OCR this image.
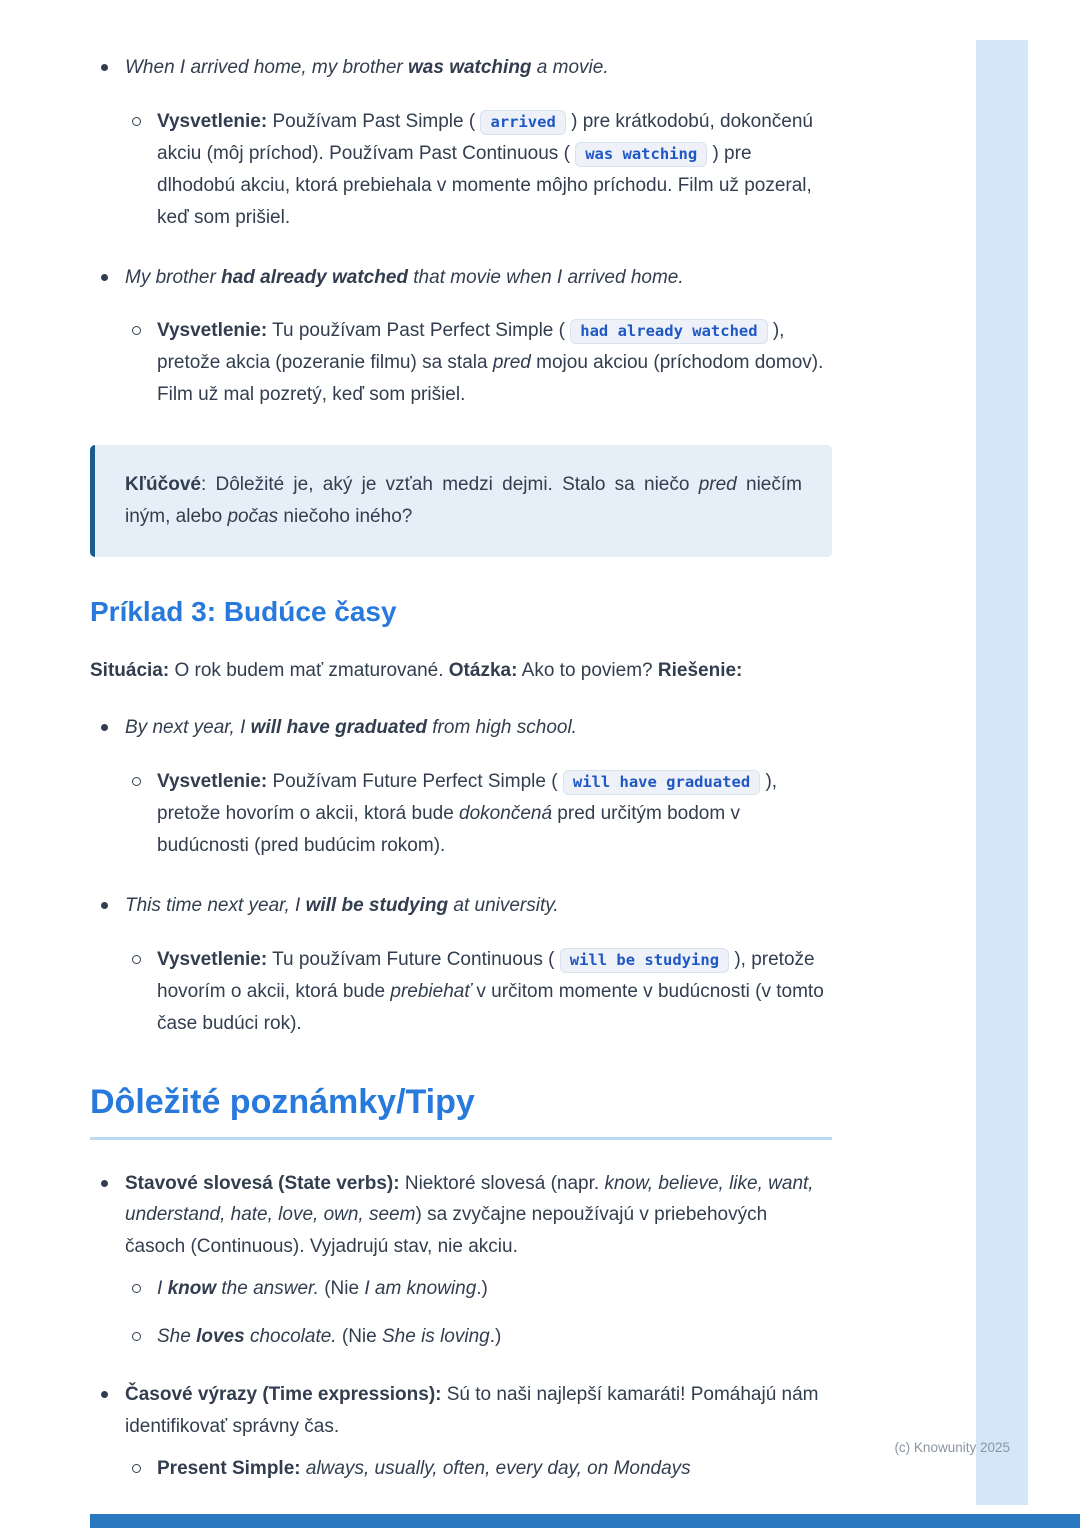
When I arrived home, my brother was watching a movie.
Vysvetlenie: Používam Past Simple ( arrived ) pre krátkodobú, dokončenú akciu (môj príchod). Používam Past Continuous ( was watching ) pre dlhodobú akciu, ktorá prebiehala v momente môjho príchodu. Film už pozeral, keď som prišiel.
My brother had already watched that movie when I arrived home.
Vysvetlenie: Tu používam Past Perfect Simple ( had already watched ), pretože akcia (pozeranie filmu) sa stala pred mojou akciou (príchodom domov). Film už mal pozretý, keď som prišiel.
Kľúčové: Dôležité je, aký je vzťah medzi dejmi. Stalo sa niečo pred niečím iným, alebo počas niečoho iného?
Príklad 3: Budúce časy

Situácia: O rok budem mať zmaturované. Otázka: Ako to poviem? Riešenie:

By next year, I will have graduated from high school.
Vysvetlenie: Používam Future Perfect Simple ( will have graduated ), pretože hovorím o akcii, ktorá bude dokončená pred určitým bodom v budúcnosti (pred budúcim rokom).
This time next year, I will be studying at university.
Vysvetlenie: Tu používam Future Continuous ( will be studying ), pretože hovorím o akcii, ktorá bude prebiehať v určitom momente v budúcnosti (v tomto čase budúci rok).
Dôležité poznámky/Tipy
Stavové slovesá (State verbs): Niektoré slovesá (napr. know, believe, like, want, understand, hate, love, own, seem) sa zvyčajne nepoužívajú v priebehových časoch (Continuous). Vyjadrujú stav, nie akciu.
I know the answer. (Nie I am knowing.)
She loves chocolate. (Nie She is loving.)
Časové výrazy (Time expressions): Sú to naši najlepší kamaráti! Pomáhajú nám identifikovať správny čas.
Present Simple: always, usually, often, every day, on Mondays
(c) Knowunity 2025
